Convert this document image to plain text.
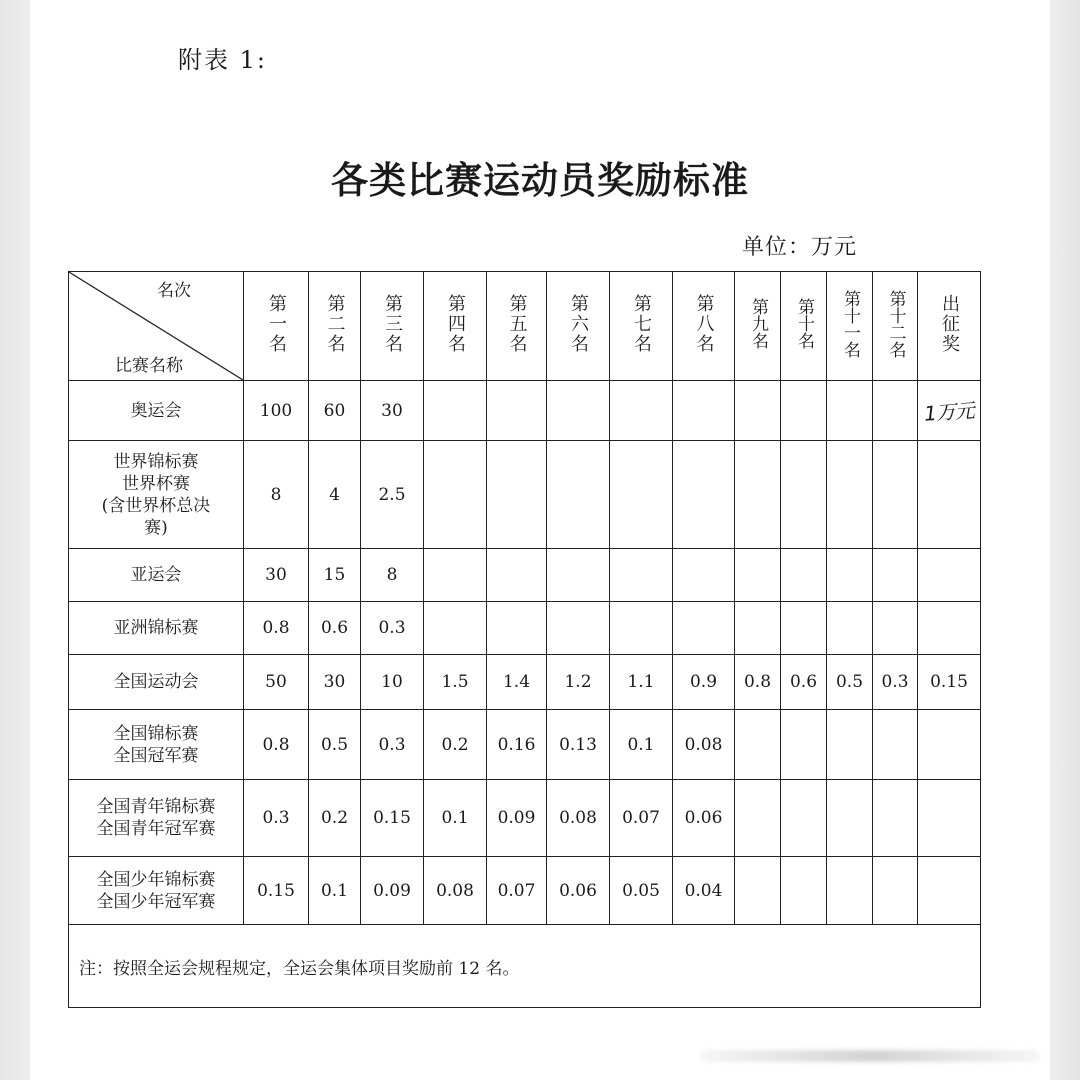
附表 1:
各类比赛运动员奖励标准
单位：万元
名次
比赛名称	第一名	第二名	第三名	第四名	第五名	第六名	第七名	第八名	第九名	第十名	第十一名	第十二名	出征奖

奥运会	100	60	30										1万元

世界锦标赛
世界杯赛
(含世界杯总决
赛)	8	4	2.5										

亚运会	30	15	8										

亚洲锦标赛	0.8	0.6	0.3										

全国运动会	50	30	10	1.5	1.4	1.2	1.1	0.9	0.8	0.6	0.5	0.3	0.15

全国锦标赛
全国冠军赛	0.8	0.5	0.3	0.2	0.16	0.13	0.1	0.08					

全国青年锦标赛
全国青年冠军赛	0.3	0.2	0.15	0.1	0.09	0.08	0.07	0.06					

全国少年锦标赛
全国少年冠军赛	0.15	0.1	0.09	0.08	0.07	0.06	0.05	0.04					
注：按照全运会规程规定，全运会集体项目奖励前 12 名。													
